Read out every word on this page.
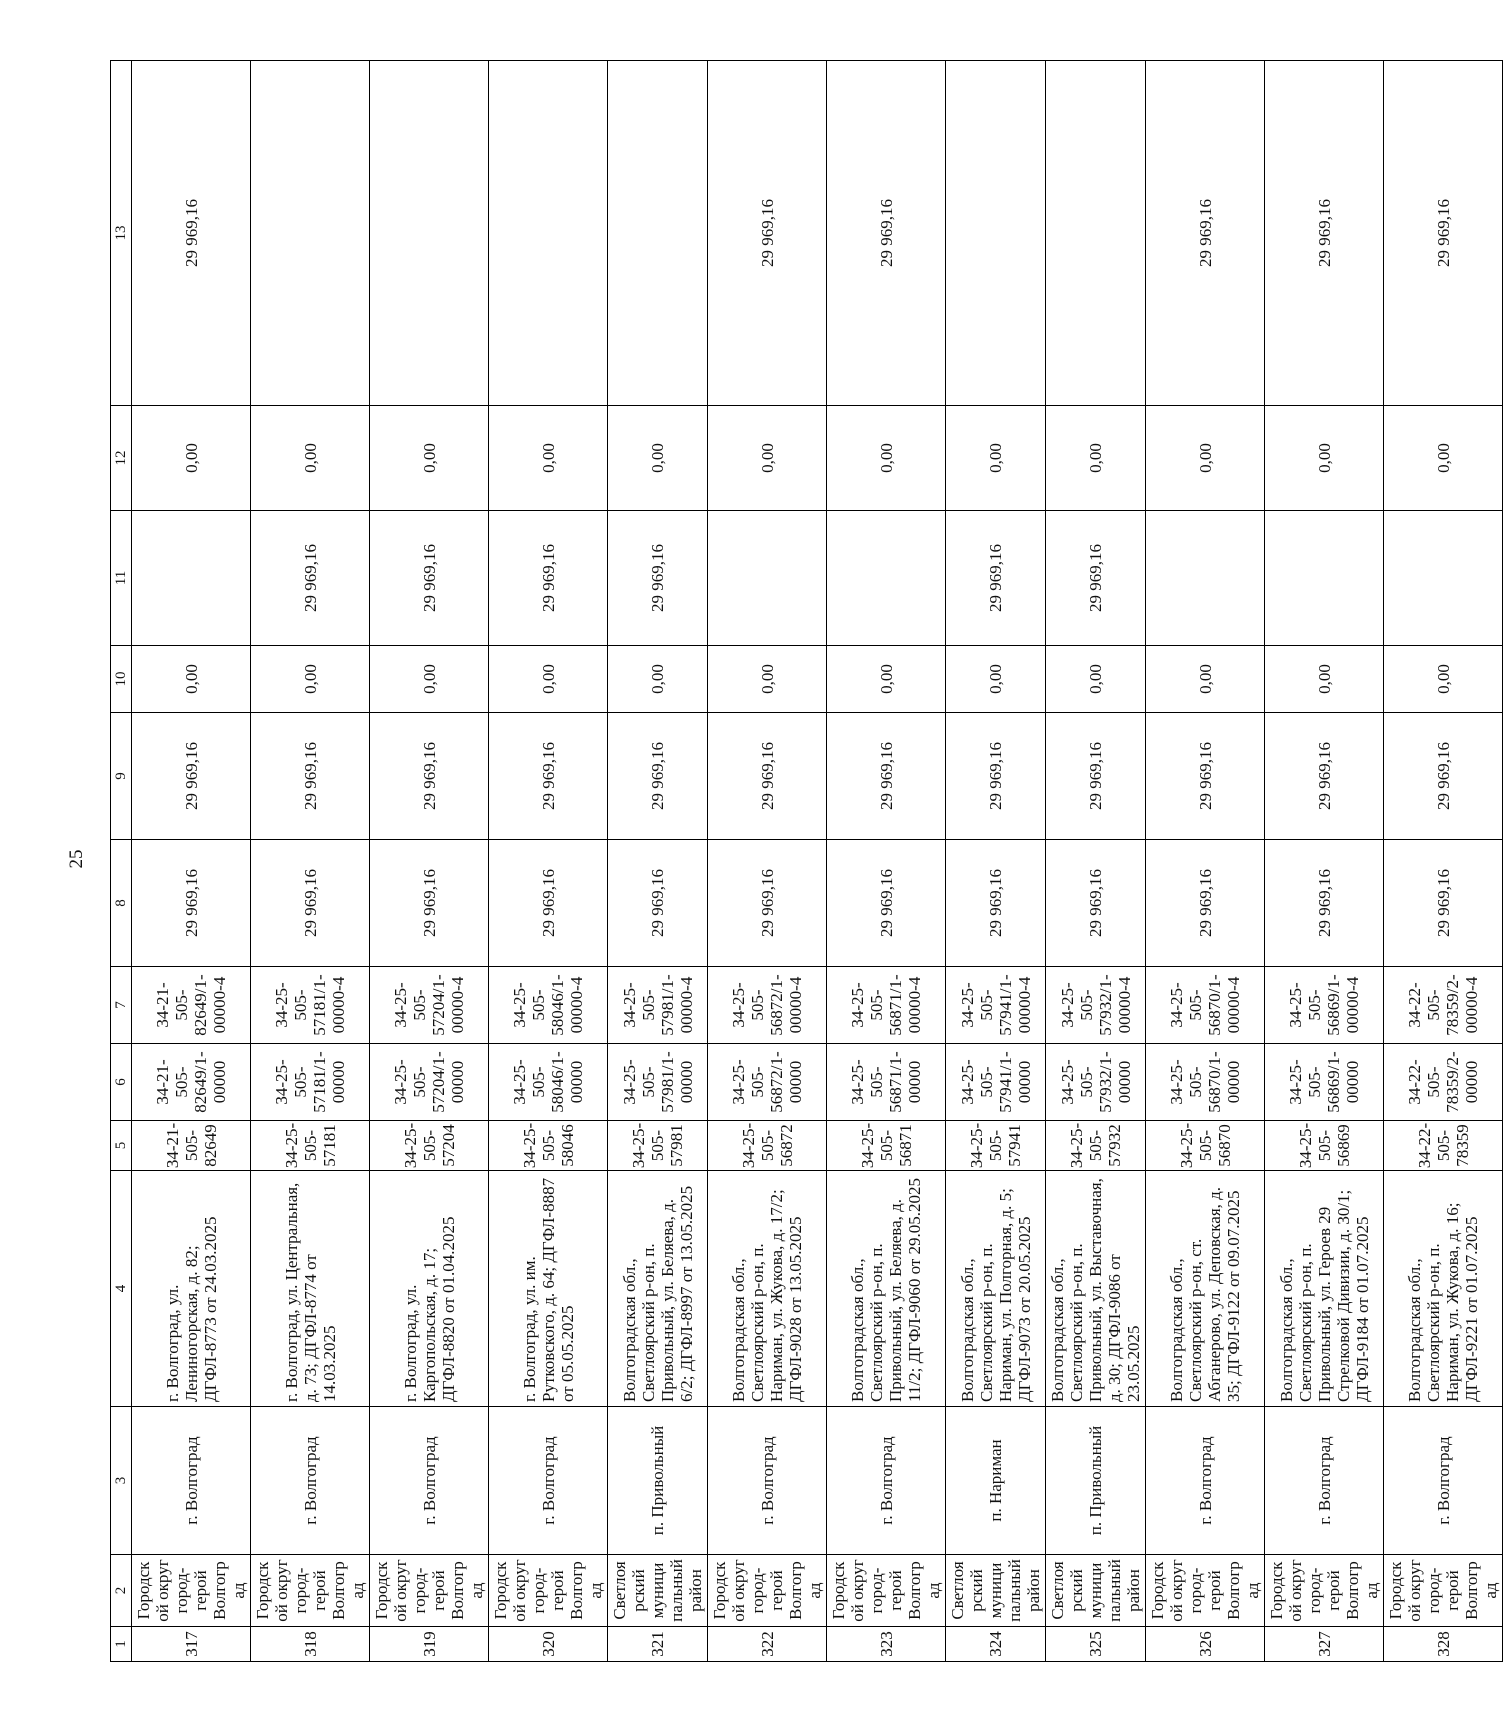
25
1	2	3	4	5	6	7	8	9	10	11	12	13
317	Городской округ город-герой Волгоград	г. Волгоград	г. Волгоград, ул. Лениногорская, д. 82; ДГФЛ-8773 от 24.03.2025	34-21-505-82649	34-21-505-82649/1-00000	34-21-505-82649/1-00000-4	29 969,16	29 969,16	0,00		0,00	29 969,16
318	Городской округ город-герой Волгоград	г. Волгоград	г. Волгоград, ул. Центральная, д. 73; ДГФЛ-8774 от 14.03.2025	34-25-505-57181	34-25-505-57181/1-00000	34-25-505-57181/1-00000-4	29 969,16	29 969,16	0,00	29 969,16	0,00	
319	Городской округ город-герой Волгоград	г. Волгоград	г. Волгоград, ул. Каргопольская, д. 17; ДГФЛ-8820 от 01.04.2025	34-25-505-57204	34-25-505-57204/1-00000	34-25-505-57204/1-00000-4	29 969,16	29 969,16	0,00	29 969,16	0,00	
320	Городской округ город-герой Волгоград	г. Волгоград	г. Волгоград, ул. им. Рутковского, д. 64; ДГФЛ-8887 от 05.05.2025	34-25-505-58046	34-25-505-58046/1-00000	34-25-505-58046/1-00000-4	29 969,16	29 969,16	0,00	29 969,16	0,00	
321	Светлоярский муниципальный район	п. Привольный	Волгоградская обл., Светлоярский р-он, п. Привольный, ул. Беляева, д. 6/2; ДГФЛ-8997 от 13.05.2025	34-25-505-57981	34-25-505-57981/1-00000	34-25-505-57981/1-00000-4	29 969,16	29 969,16	0,00	29 969,16	0,00	
322	Городской округ город-герой Волгоград	г. Волгоград	Волгоградская обл., Светлоярский р-он, п. Нариман, ул. Жукова, д. 17/2; ДГФЛ-9028 от 13.05.2025	34-25-505-56872	34-25-505-56872/1-00000	34-25-505-56872/1-00000-4	29 969,16	29 969,16	0,00		0,00	29 969,16
323	Городской округ город-герой Волгоград	г. Волгоград	Волгоградская обл., Светлоярский р-он, п. Привольный, ул. Беляева, д. 11/2; ДГФЛ-9060 от 29.05.2025	34-25-505-56871	34-25-505-56871/1-00000	34-25-505-56871/1-00000-4	29 969,16	29 969,16	0,00		0,00	29 969,16
324	Светлоярский муниципальный район	п. Нариман	Волгоградская обл., Светлоярский р-он, п. Нариман, ул. Полгорная, д. 5; ДГФЛ-9073 от 20.05.2025	34-25-505-57941	34-25-505-57941/1-00000	34-25-505-57941/1-00000-4	29 969,16	29 969,16	0,00	29 969,16	0,00	
325	Светлоярский муниципальный район	п. Привольный	Волгоградская обл., Светлоярский р-он, п. Привольный, ул. Выставочная, д. 30; ДГФЛ-9086 от 23.05.2025	34-25-505-57932	34-25-505-57932/1-00000	34-25-505-57932/1-00000-4	29 969,16	29 969,16	0,00	29 969,16	0,00	
326	Городской округ город-герой Волгоград	г. Волгоград	Волгоградская обл., Светлоярский р-он, ст. Абганерово, ул. Деповская, д. 35; ДГФЛ-9122 от 09.07.2025	34-25-505-56870	34-25-505-56870/1-00000	34-25-505-56870/1-00000-4	29 969,16	29 969,16	0,00		0,00	29 969,16
327	Городской округ город-герой Волгоград	г. Волгоград	Волгоградская обл., Светлоярский р-он, п. Привольный, ул. Героев 29 Стрелковой Дивизии, д. 30/1; ДГФЛ-9184 от 01.07.2025	34-25-505-56869	34-25-505-56869/1-00000	34-25-505-56869/1-00000-4	29 969,16	29 969,16	0,00		0,00	29 969,16
328	Городской округ город-герой Волгоград	г. Волгоград	Волгоградская обл., Светлоярский р-он, п. Нариман, ул. Жукова, д. 16; ДГФЛ-9221 от 01.07.2025	34-22-505-78359	34-22-505-78359/2-00000	34-22-505-78359/2-00000-4	29 969,16	29 969,16	0,00		0,00	29 969,16
